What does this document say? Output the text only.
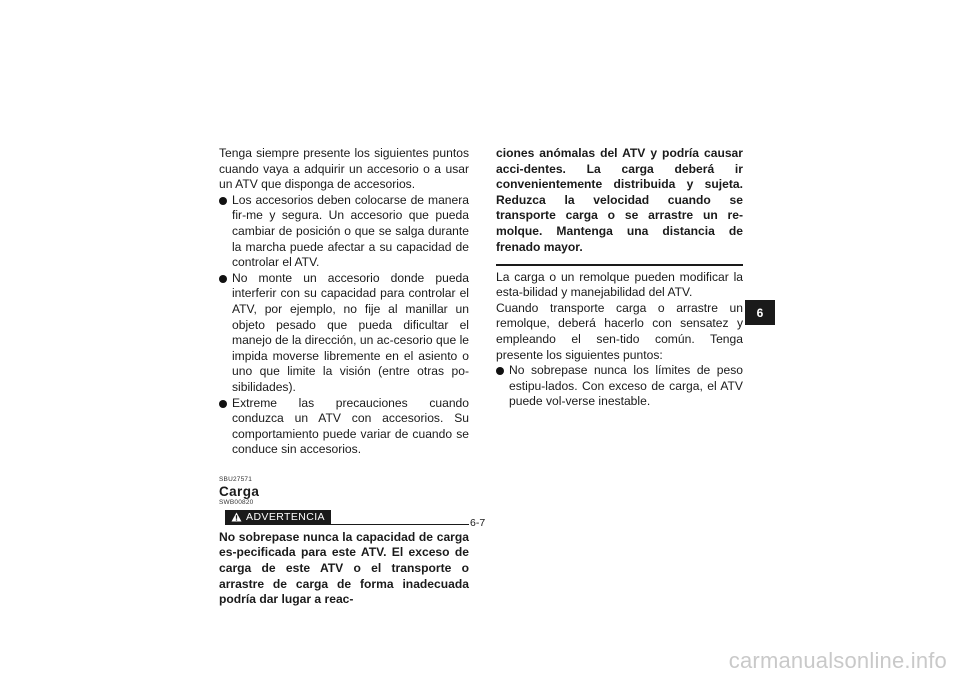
Tenga siempre presente los siguientes puntos cuando vaya a adquirir un accesorio o a usar un ATV que disponga de accesorios.
Los accesorios deben colocarse de manera fir-me y segura. Un accesorio que pueda cambiar de posición o que se salga durante la marcha puede afectar a su capacidad de controlar el ATV.
No monte un accesorio donde pueda interferir con su capacidad para controlar el ATV, por ejemplo, no fije al manillar un objeto pesado que pueda dificultar el manejo de la dirección, un ac-cesorio que le impida moverse libremente en el asiento o uno que limite la visión (entre otras po-sibilidades).
Extreme las precauciones cuando conduzca un ATV con accesorios. Su comportamiento puede variar de cuando se conduce sin accesorios.
SBU27571
Carga
SWB00820
ADVERTENCIA
No sobrepase nunca la capacidad de carga es-pecificada para este ATV. El exceso de carga de este ATV o el transporte o arrastre de carga de forma inadecuada podría dar lugar a reac-
ciones anómalas del ATV y podría causar acci-dentes. La carga deberá ir convenientemente distribuida y sujeta. Reduzca la velocidad cuando se transporte carga o se arrastre un re-molque. Mantenga una distancia de frenado mayor.
La carga o un remolque pueden modificar la esta-bilidad y manejabilidad del ATV.
Cuando transporte carga o arrastre un remolque, deberá hacerlo con sensatez y empleando el sen-tido común. Tenga presente los siguientes puntos:
No sobrepase nunca los límites de peso estipu-lados. Con exceso de carga, el ATV puede vol-verse inestable.
6
6-7
carmanualsonline.info
